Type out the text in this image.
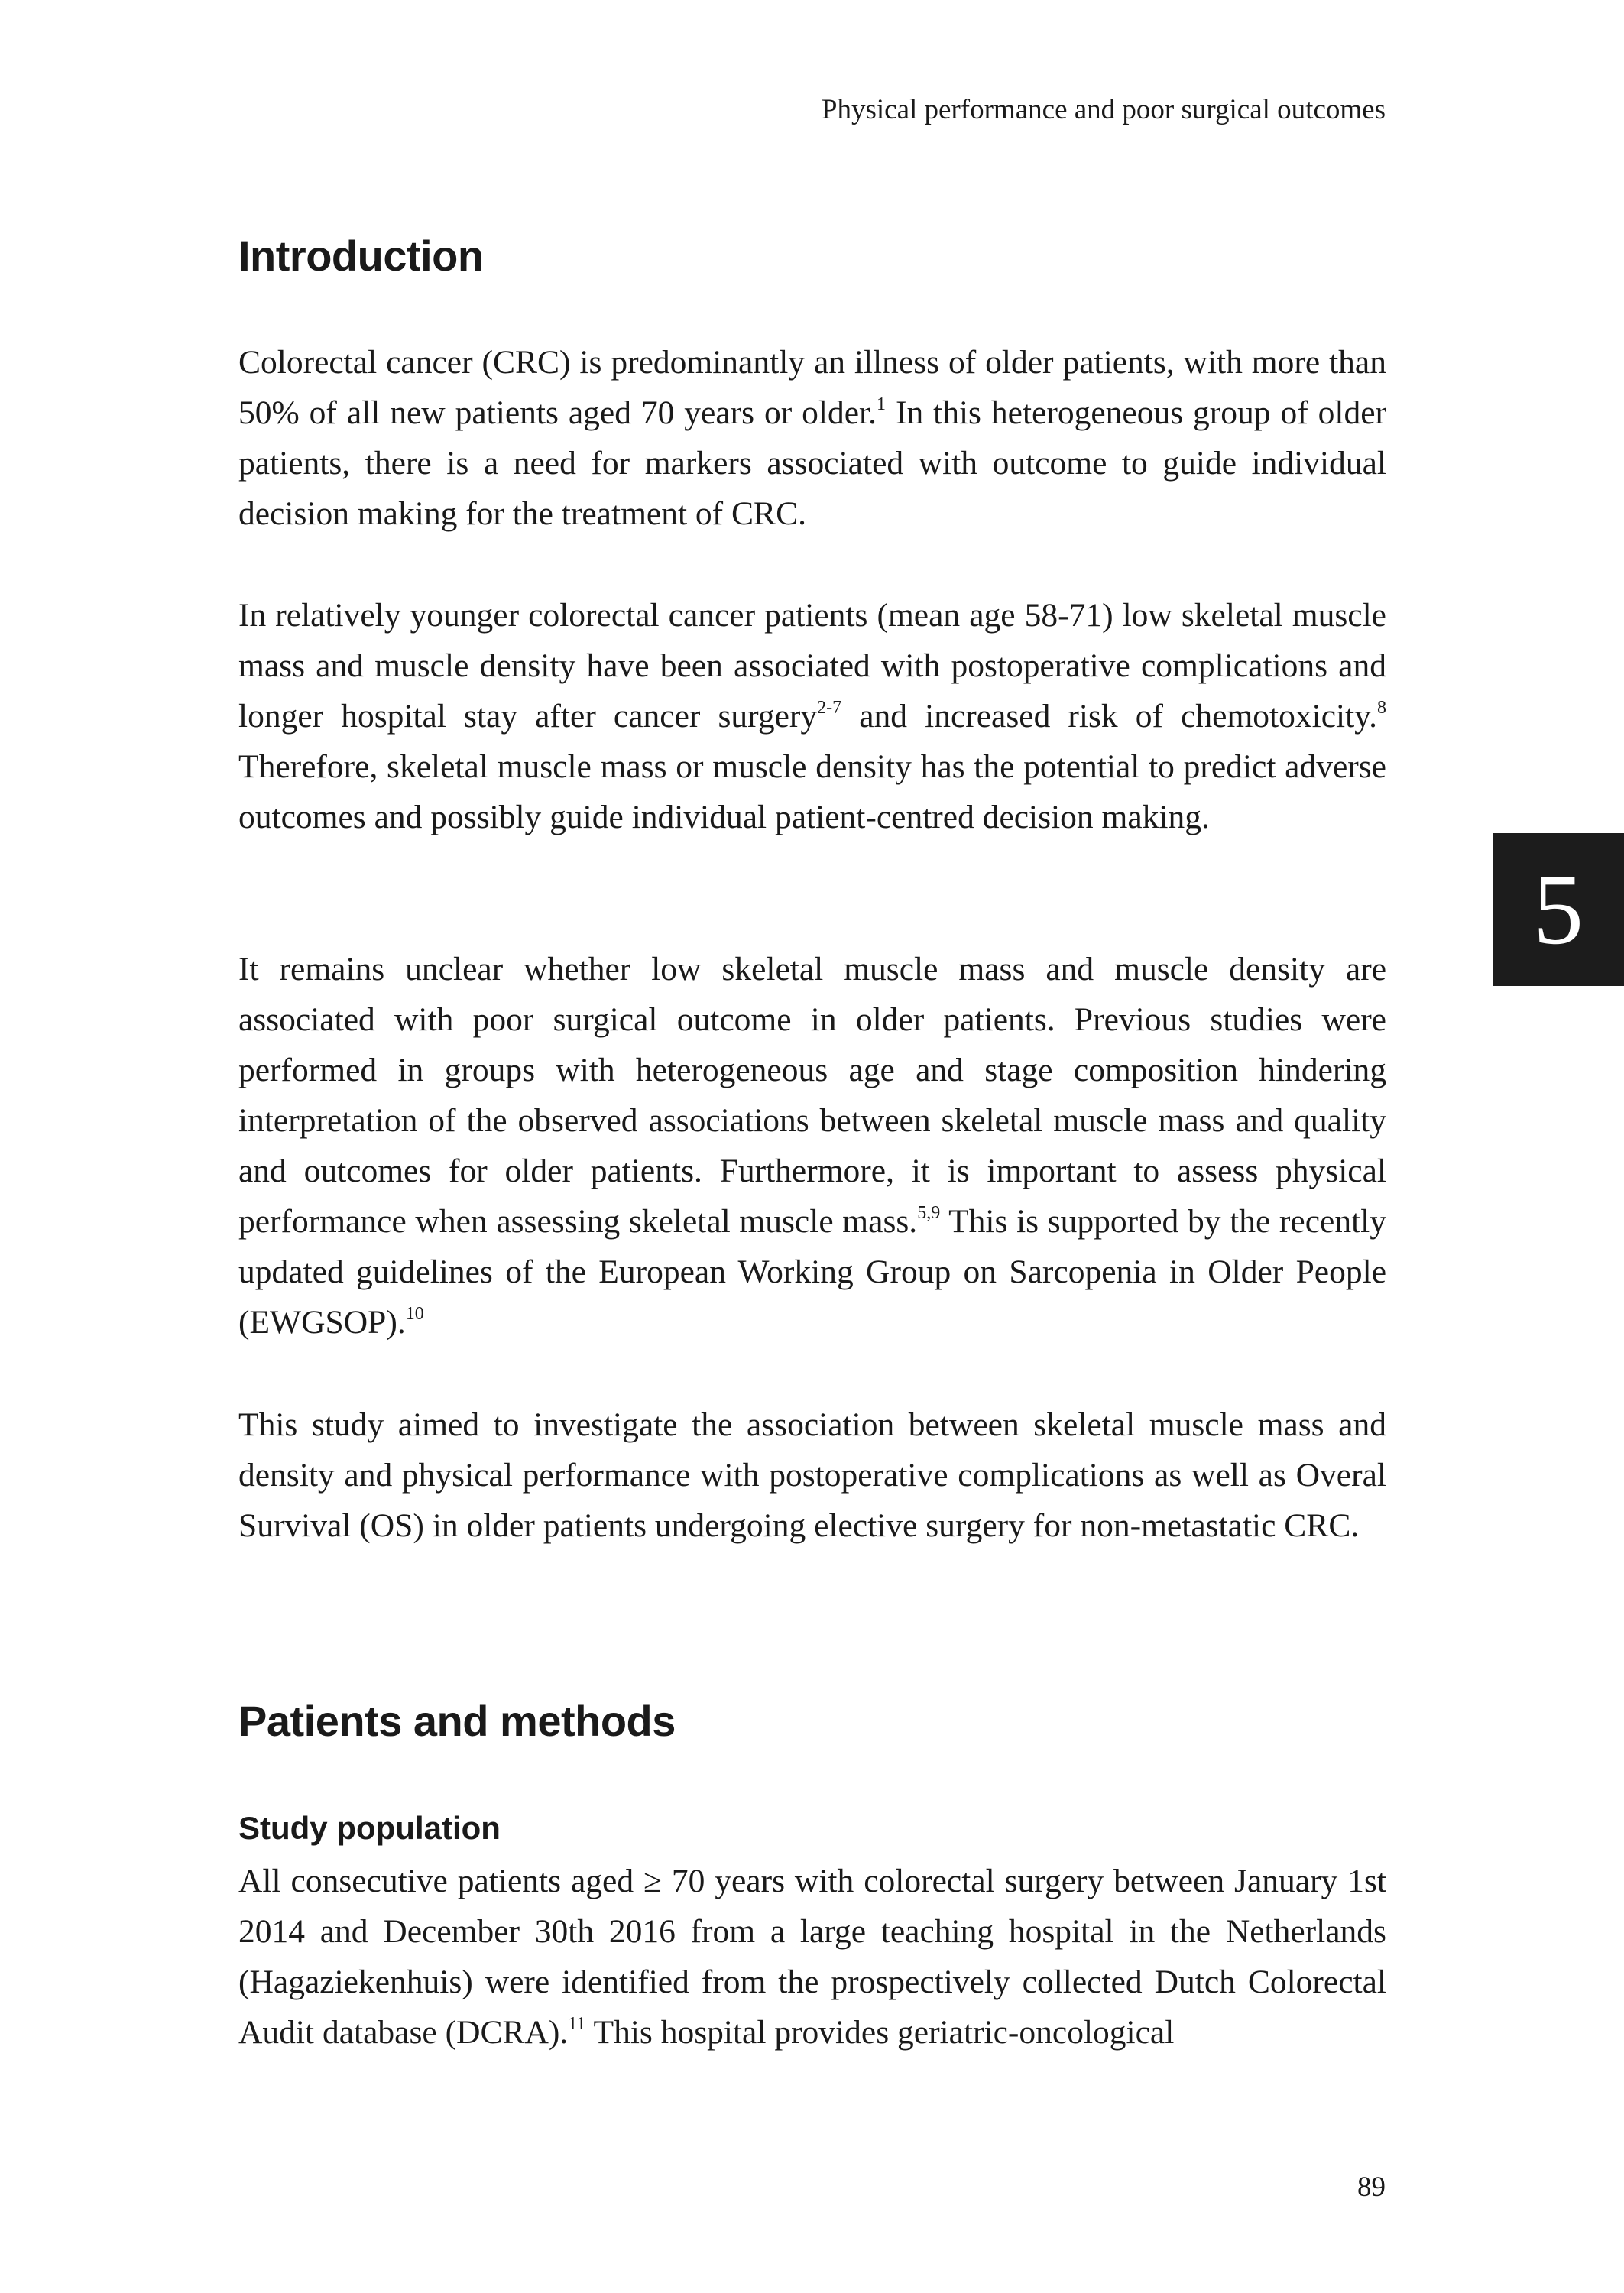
Physical performance and poor surgical outcomes
Introduction

Colorectal cancer (CRC) is predominantly an illness of older patients, with more than 50% of all new patients aged 70 years or older.$^1$ In this heterogeneous group of older patients, there is a need for markers associated with outcome to guide individual decision making for the treatment of CRC.

In relatively younger colorectal cancer patients (mean age 58-71) low skeletal muscle mass and muscle density have been associated with postoperative complications and longer hospital stay after cancer surgery$^{2-7}$ and increased risk of chemotoxicity.$^8$ Therefore, skeletal muscle mass or muscle density has the potential to predict adverse outcomes and possibly guide individual patient-centred decision making.

It remains unclear whether low skeletal muscle mass and muscle density are associated with poor surgical outcome in older patients. Previous studies were performed in groups with heterogeneous age and stage composition hindering interpretation of the observed associations between skeletal muscle mass and quality and outcomes for older patients. Furthermore, it is important to assess physical performance when assessing skeletal muscle mass.$^{5,9}$ This is supported by the recently updated guidelines of the European Working Group on Sarcopenia in Older People (EWGSOP).$^{10}$

This study aimed to investigate the association between skeletal muscle mass and density and physical performance with postoperative complications as well as Overal Survival (OS) in older patients undergoing elective surgery for non-metastatic CRC.

Patients and methods
Study population

All consecutive patients aged ≥ 70 years with colorectal surgery between January 1st 2014 and December 30th 2016 from a large teaching hospital in the Netherlands (Hagaziekenhuis) were identified from the prospectively collected Dutch Colorectal Audit database (DCRA).$^{11}$ This hospital provides geriatric-oncological

5
89
